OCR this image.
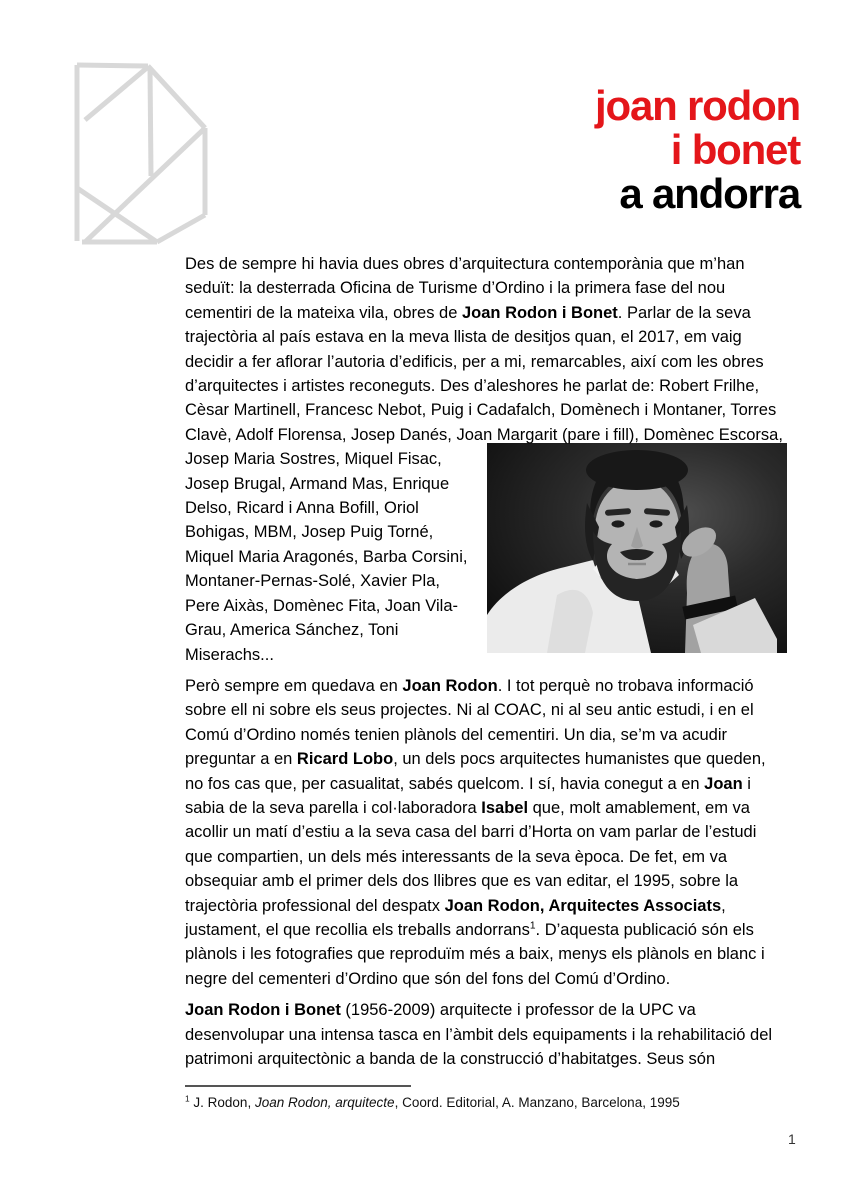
joan rodon
i bonet
a andorra

Des de sempre hi havia dues obres d’arquitectura contemporània que m’han seduït: la desterrada Oficina de Turisme d’Ordino i la primera fase del nou cementiri de la mateixa vila, obres de Joan Rodon i Bonet. Parlar de la seva trajectòria al país estava en la meva llista de desitjos quan, el 2017, em vaig decidir a fer aflorar l’autoria d’edificis, per a mi, remarcables, així com les obres d’arquitectes i artistes reconeguts. Des d’aleshores he parlat de: Robert Frilhe, Cèsar Martinell, Francesc Nebot, Puig i Cadafalch, Domènech i Montaner, Torres Clavè, Adolf Florensa, Josep Danés, Joan Margarit (pare i
fill), Domènec Escorsa, Josep Maria Sostres, Miquel Fisac, Josep Brugal, Armand Mas, Enrique Delso, Ricard i Anna Bofill, Oriol Bohigas, MBM, Josep Puig Torné, Miquel Maria Aragonés, Barba Corsini, Montaner-Pernas-Solé, Xavier Pla, Pere Aixàs, Domènec Fita, Joan Vila-Grau, America Sánchez, Toni Miserachs...

Però sempre em quedava en Joan Rodon. I tot perquè no trobava informació sobre ell ni sobre els seus projectes. Ni al COAC, ni al seu antic estudi, i en el Comú d’Ordino només tenien plànols del cementiri. Un dia, se’m va acudir preguntar a en Ricard Lobo, un dels pocs arquitectes humanistes que queden, no fos cas que, per casualitat, sabés quelcom. I sí, havia conegut a en Joan i sabia de la seva parella i col·laboradora Isabel que, molt amablement, em va acollir un matí d’estiu a la seva casa del barri d’Horta on vam parlar de l’estudi que compartien, un dels més interessants de la seva època. De fet, em va obsequiar amb el primer dels dos llibres que es van editar, el 1995, sobre la trajectòria professional del despatx Joan Rodon, Arquitectes Associats, justament, el que recollia els treballs andorrans$^1$. D’aquesta publicació són els plànols i les fotografies que reproduïm més a baix, menys els plànols en blanc i negre del cementeri d’Ordino que són del fons del Comú d’Ordino.

Joan Rodon i Bonet (1956-2009) arquitecte i professor de la UPC va desenvolupar una intensa tasca en l’àmbit dels equipaments i la rehabilitació del patrimoni arquitectònic a banda de la construcció d’habitatges. Seus són

$^1$ J. Rodon, Joan Rodon, arquitecte, Coord. Editorial, A. Manzano, Barcelona, 1995

1
